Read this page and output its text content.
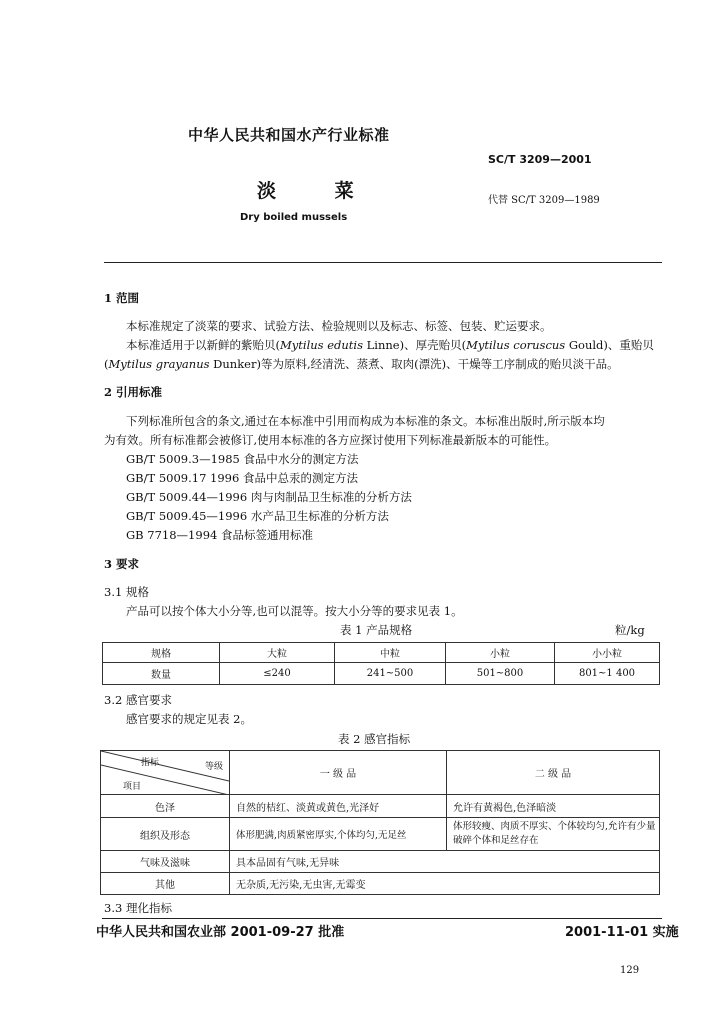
中华人民共和国水产行业标准
SC/T 3209—2001
淡 菜	代替 SC/T 3209—1989
Dry boiled mussels
1 范围
本标准规定了淡菜的要求、试验方法、检验规则以及标志、标签、包装、贮运要求。
本标准适用于以新鲜的紫贻贝(Mytilus edutis Linne)、厚壳贻贝(Mytilus coruscus Gould)、重贻贝
(Mytilus grayanus Dunker)等为原料,经清洗、蒸煮、取肉(漂洗)、干燥等工序制成的贻贝淡干品。
2 引用标准
下列标准所包含的条文,通过在本标准中引用而构成为本标准的条文。本标准出版时,所示版本均
为有效。所有标准都会被修订,使用本标准的各方应探讨使用下列标准最新版本的可能性。
GB/T 5009.3—1985 食品中水分的测定方法
GB/T 5009.17 1996 食品中总汞的测定方法
GB/T 5009.44—1996 肉与肉制品卫生标准的分析方法
GB/T 5009.45—1996 水产品卫生标准的分析方法
GB 7718—1994 食品标签通用标准
3 要求
3.1 规格
产品可以按个体大小分等,也可以混等。按大小分等的要求见表 1。
表 1 产品规格	粒/kg
规格	大粒	中粒	小粒	小小粒
数量	≤240	241~500	501~800	801~1 400
3.2 感官要求
感官要求的规定见表 2。
表 2 感官指标
指标 等级
项目	一 级 品	二 级 品
色泽	自然的桔红、淡黄或黄色,光泽好	允许有黄褐色,色泽暗淡
组织及形态	体形肥满,肉质紧密厚实,个体均匀,无足丝	体形较瘦、肉质不厚实、个体较均匀,允许有少量破碎个体和足丝存在
气味及滋味	具本品固有气味,无异味	
其他	无杂质,无污染,无虫害,无霉变	
3.3 理化指标
中华人民共和国农业部 2001-09-27 批准	2001-11-01 实施
129
